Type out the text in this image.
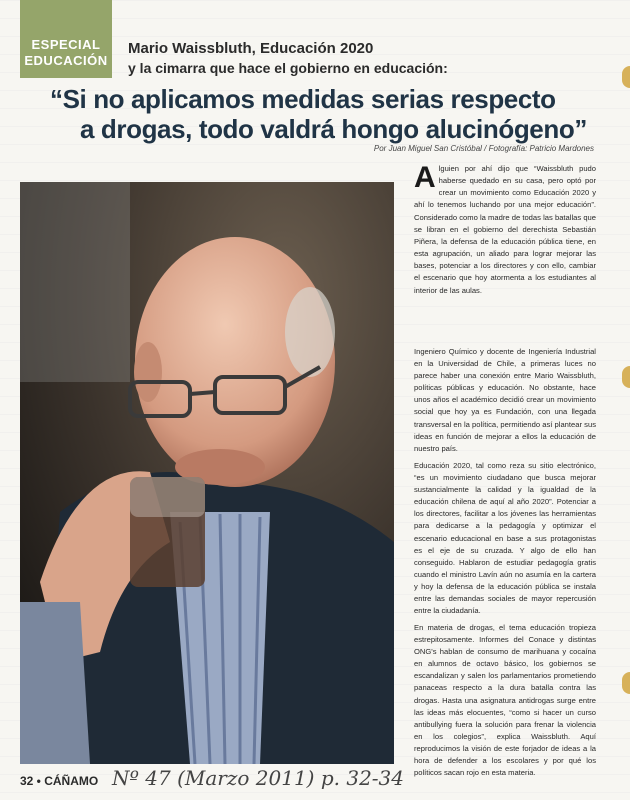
ESPECIAL
EDUCACIÓN
Mario Waissbluth, Educación 2020
y la cimarra que hace el gobierno en educación:
“Si no aplicamos medidas serias respecto
a drogas, todo valdrá hongo alucinógeno”
Por Juan Miguel San Cristóbal / Fotografía: Patricio Mardones
Alguien por ahí dijo que “Waissbluth pudo haberse quedado en su casa, pero optó por crear un movimiento como Educación 2020 y ahí lo tenemos luchando por una mejor educación”. Considerado como la madre de todas las batallas que se libran en el gobierno del derechista Sebastián Piñera, la defensa de la educación pública tiene, en esta agrupación, un aliado para lograr mejorar las bases, potenciar a los directores y con ello, cambiar el escenario que hoy atormenta a los estudiantes al interior de las aulas.

Ingeniero Químico y docente de Ingeniería Industrial en la Universidad de Chile, a primeras luces no parece haber una conexión entre Mario Waissbluth, políticas públicas y educación. No obstante, hace unos años el académico decidió crear un movimiento social que hoy ya es Fundación, con una llegada transversal en la política, permitiendo así plantear sus ideas en función de mejorar a ellos la educación de nuestro país.

Educación 2020, tal como reza su sitio electrónico, “es un movimiento ciudadano que busca mejorar sustancialmente la calidad y la igualdad de la educación chilena de aquí al año 2020”. Potenciar a los directores, facilitar a los jóvenes las herramientas para dedicarse a la pedagogía y optimizar el escenario educacional en base a sus protagonistas es el eje de su cruzada. Y algo de ello han conseguido. Hablaron de estudiar pedagogía gratis cuando el ministro Lavín aún no asumía en la cartera y hoy la defensa de la educación pública se instala entre las demandas sociales de mayor repercusión entre la ciudadanía.

En materia de drogas, el tema educación tropieza estrepitosamente. Informes del Conace y distintas ONG's hablan de consumo de marihuana y cocaína en alumnos de octavo básico, los gobiernos se escandalizan y salen los parlamentarios prometiendo panaceas respecto a la dura batalla contra las drogas. Hasta una asignatura antidrogas surge entre las ideas más elocuentes, “como si hacer un curso antibullying fuera la solución para frenar la violencia en los colegios”, explica Waissbluth. Aquí reproducimos la visión de este forjador de ideas a la hora de defender a los escolares y por qué los políticos sacan rojo en esta materia.

32 • CÁÑAMO Nº 47 (Marzo 2011) p. 32-34
